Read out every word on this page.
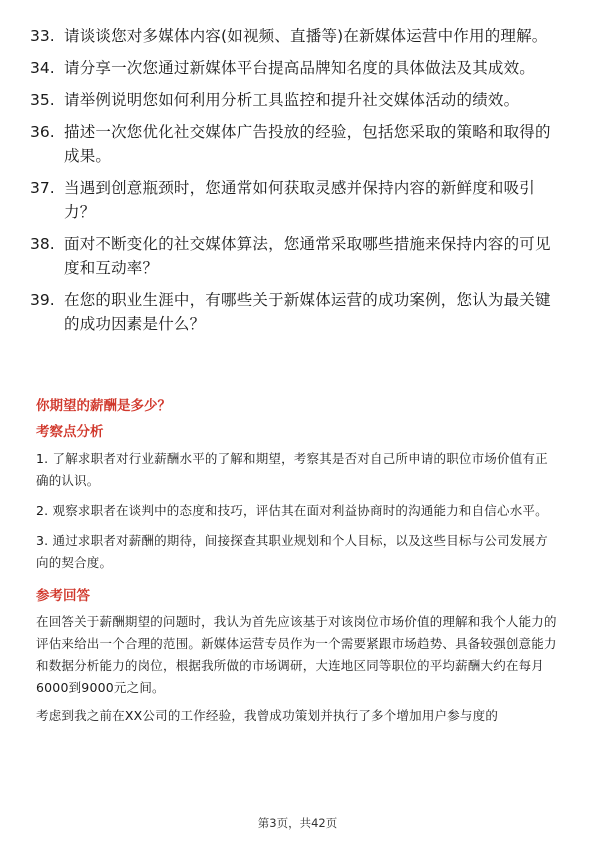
33. 请谈谈您对多媒体内容(如视频、直播等)在新媒体运营中作用的理解。
34. 请分享一次您通过新媒体平台提高品牌知名度的具体做法及其成效。
35. 请举例说明您如何利用分析工具监控和提升社交媒体活动的绩效。
36. 描述一次您优化社交媒体广告投放的经验，包括您采取的策略和取得的成果。
37. 当遇到创意瓶颈时，您通常如何获取灵感并保持内容的新鲜度和吸引力？
38. 面对不断变化的社交媒体算法，您通常采取哪些措施来保持内容的可见度和互动率？
39. 在您的职业生涯中，有哪些关于新媒体运营的成功案例，您认为最关键的成功因素是什么？
你期望的薪酬是多少？
考察点分析

1. 了解求职者对行业薪酬水平的了解和期望，考察其是否对自己所申请的职位市场价值有正确的认识。

2. 观察求职者在谈判中的态度和技巧，评估其在面对利益协商时的沟通能力和自信心水平。

3. 通过求职者对薪酬的期待，间接探查其职业规划和个人目标，以及这些目标与公司发展方向的契合度。

参考回答

在回答关于薪酬期望的问题时，我认为首先应该基于对该岗位市场价值的理解和我个人能力的评估来给出一个合理的范围。新媒体运营专员作为一个需要紧跟市场趋势、具备较强创意能力和数据分析能力的岗位，根据我所做的市场调研，大连地区同等职位的平均薪酬大约在每月6000到9000元之间。

考虑到我之前在XX公司的工作经验，我曾成功策划并执行了多个增加用户参与度的

第3页，共42页
